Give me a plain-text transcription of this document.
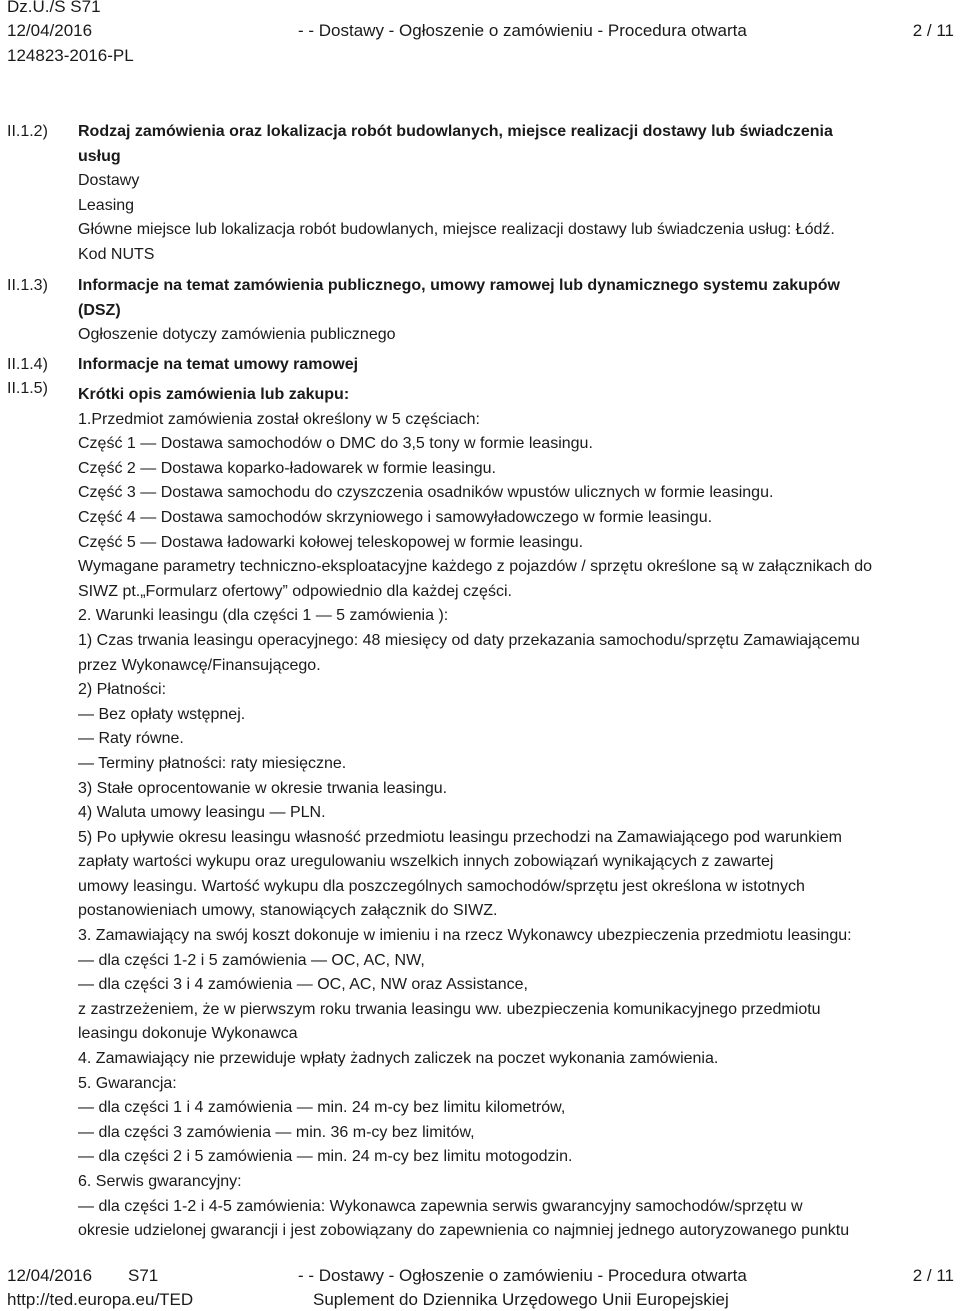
Dz.U./S S71
12/04/2016	- - Dostawy - Ogłoszenie o zamówieniu - Procedura otwarta	2 / 11
124823-2016-PL
II.1.2)
II.1.3)
II.1.4)
II.1.5)
Rodzaj zamówienia oraz lokalizacja robót budowlanych, miejsce realizacji dostawy lub świadczenia
usług
Dostawy
Leasing
Główne miejsce lub lokalizacja robót budowlanych, miejsce realizacji dostawy lub świadczenia usług: Łódź.
Kod NUTS
Informacje na temat zamówienia publicznego, umowy ramowej lub dynamicznego systemu zakupów
(DSZ)
Ogłoszenie dotyczy zamówienia publicznego
Informacje na temat umowy ramowej
Krótki opis zamówienia lub zakupu:
1.Przedmiot zamówienia został określony w 5 częściach:
Część 1 — Dostawa samochodów o DMC do 3,5 tony w formie leasingu.
Część 2 — Dostawa koparko-ładowarek w formie leasingu.
Część 3 — Dostawa samochodu do czyszczenia osadników wpustów ulicznych w formie leasingu.
Część 4 — Dostawa samochodów skrzyniowego i samowyładowczego w formie leasingu.
Część 5 — Dostawa ładowarki kołowej teleskopowej w formie leasingu.
Wymagane parametry techniczno-eksploatacyjne każdego z pojazdów / sprzętu określone są w załącznikach do
SIWZ pt.„Formularz ofertowy” odpowiednio dla każdej części.
2. Warunki leasingu (dla części 1 — 5 zamówienia ):
1) Czas trwania leasingu operacyjnego: 48 miesięcy od daty przekazania samochodu/sprzętu Zamawiającemu
przez Wykonawcę/Finansującego.
2) Płatności:
— Bez opłaty wstępnej.
— Raty równe.
— Terminy płatności: raty miesięczne.
3) Stałe oprocentowanie w okresie trwania leasingu.
4) Waluta umowy leasingu — PLN.
5) Po upływie okresu leasingu własność przedmiotu leasingu przechodzi na Zamawiającego pod warunkiem
zapłaty wartości wykupu oraz uregulowaniu wszelkich innych zobowiązań wynikających z zawartej
umowy leasingu. Wartość wykupu dla poszczególnych samochodów/sprzętu jest określona w istotnych
postanowieniach umowy, stanowiących załącznik do SIWZ.
3. Zamawiający na swój koszt dokonuje w imieniu i na rzecz Wykonawcy ubezpieczenia przedmiotu leasingu:
— dla części 1-2 i 5 zamówienia — OC, AC, NW,
— dla części 3 i 4 zamówienia — OC, AC, NW oraz Assistance,
z zastrzeżeniem, że w pierwszym roku trwania leasingu ww. ubezpieczenia komunikacyjnego przedmiotu
leasingu dokonuje Wykonawca
4. Zamawiający nie przewiduje wpłaty żadnych zaliczek na poczet wykonania zamówienia.
5. Gwarancja:
— dla części 1 i 4 zamówienia — min. 24 m-cy bez limitu kilometrów,
— dla części 3 zamówienia — min. 36 m-cy bez limitów,
— dla części 2 i 5 zamówienia — min. 24 m-cy bez limitu motogodzin.
6. Serwis gwarancyjny:
— dla części 1-2 i 4-5 zamówienia: Wykonawca zapewnia serwis gwarancyjny samochodów/sprzętu w
okresie udzielonej gwarancji i jest zobowiązany do zapewnienia co najmniej jednego autoryzowanego punktu
12/04/2016 S71
http://ted.europa.eu/TED
- - Dostawy - Ogłoszenie o zamówieniu - Procedura otwarta
Suplement do Dziennika Urzędowego Unii Europejskiej
2 / 11
